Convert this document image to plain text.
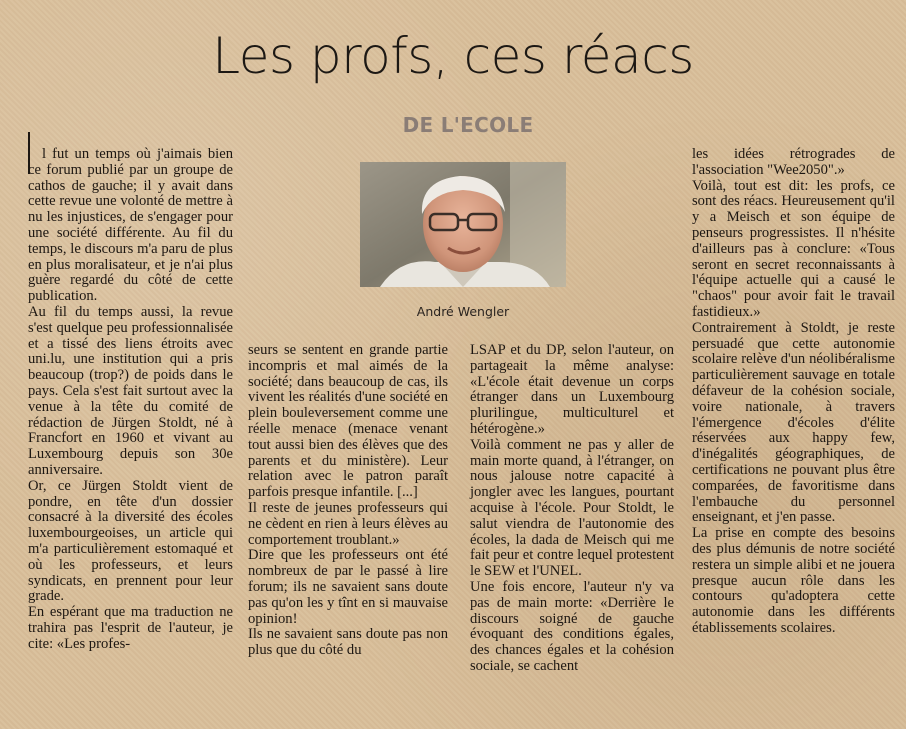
Les profs, ces réacs
DE L'ECOLE
André Wengler

l fut un temps où j'aimais bien ce forum publié par un groupe de cathos de gauche; il y avait dans cette revue une volonté de mettre à nu les injustices, de s'engager pour une société différente. Au fil du temps, le discours m'a paru de plus en plus moralisateur, et je n'ai plus guère regardé du côté de cette publication.

Au fil du temps aussi, la revue s'est quelque peu professionnalisée et a tissé des liens étroits avec uni.lu, une institution qui a pris beaucoup (trop?) de poids dans le pays. Cela s'est fait surtout avec la venue à la tête du comité de rédaction de Jürgen Stoldt, né à Francfort en 1960 et vivant au Luxembourg depuis son 30e anniversaire.

Or, ce Jürgen Stoldt vient de pondre, en tête d'un dossier consacré à la diversité des écoles luxembourgeoises, un article qui m'a particulièrement estomaqué et où les professeurs, et leurs syndicats, en prennent pour leur grade.

En espérant que ma traduction ne trahira pas l'esprit de l'auteur, je cite: «Les profes-

seurs se sentent en grande partie incompris et mal aimés de la société; dans beaucoup de cas, ils vivent les réalités d'une société en plein bouleversement comme une réelle menace (menace venant tout aussi bien des élèves que des parents et du ministère). Leur relation avec le patron paraît parfois presque infantile. [...]

Il reste de jeunes professeurs qui ne cèdent en rien à leurs élèves au comportement troublant.»

Dire que les professeurs ont été nombreux de par le passé à lire forum; ils ne savaient sans doute pas qu'on les y tînt en si mauvaise opinion!

Ils ne savaient sans doute pas non plus que du côté du

LSAP et du DP, selon l'auteur, on partageait la même analyse: «L'école était devenue un corps étranger dans un Luxembourg plurilingue, multiculturel et hétérogène.»

Voilà comment ne pas y aller de main morte quand, à l'étranger, on nous jalouse notre capacité à jongler avec les langues, pourtant acquise à l'école. Pour Stoldt, le salut viendra de l'autonomie des écoles, la dada de Meisch qui me fait peur et contre lequel protestent le SEW et l'UNEL.

Une fois encore, l'auteur n'y va pas de main morte: «Derrière le discours soigné de gauche évoquant des conditions égales, des chances égales et la cohésion sociale, se cachent

les idées rétrogrades de l'association "Wee2050".»

Voilà, tout est dit: les profs, ce sont des réacs. Heureusement qu'il y a Meisch et son équipe de penseurs progressistes. Il n'hésite d'ailleurs pas à conclure: «Tous seront en secret reconnaissants à l'équipe actuelle qui a causé le "chaos" pour avoir fait le travail fastidieux.»

Contrairement à Stoldt, je reste persuadé que cette autonomie scolaire relève d'un néolibéralisme particulièrement sauvage en totale défaveur de la cohésion sociale, voire nationale, à travers l'émergence d'écoles d'élite réservées aux happy few, d'inégalités géographiques, de certifications ne pouvant plus être comparées, de favoritisme dans l'embauche du personnel enseignant, et j'en passe.

La prise en compte des besoins des plus démunis de notre société restera un simple alibi et ne jouera presque aucun rôle dans les contours qu'adoptera cette autonomie dans les différents établissements scolaires.
